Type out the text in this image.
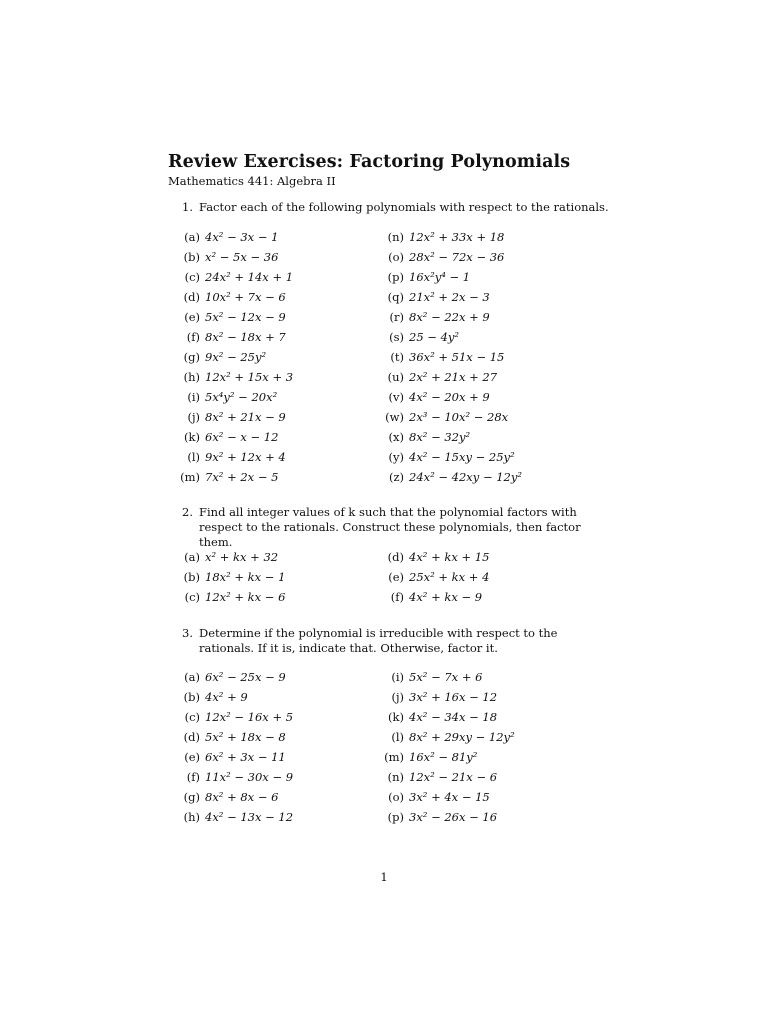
Review Exercises: Factoring Polynomials
Mathematics 441: Algebra II
1. Factor each of the following polynomials with respect to the rationals.
(a) 4x² − 3x − 1
(b) x² − 5x − 36
(c) 24x² + 14x + 1
(d) 10x² + 7x − 6
(e) 5x² − 12x − 9
(f) 8x² − 18x + 7
(g) 9x² − 25y²
(h) 12x² + 15x + 3
(i) 5x⁴y² − 20x²
(j) 8x² + 21x − 9
(k) 6x² − x − 12
(l) 9x² + 12x + 4
(m) 7x² + 2x − 5
(n) 12x² + 33x + 18
(o) 28x² − 72x − 36
(p) 16x²y⁴ − 1
(q) 21x² + 2x − 3
(r) 8x² − 22x + 9
(s) 25 − 4y²
(t) 36x² + 51x − 15
(u) 2x² + 21x + 27
(v) 4x² − 20x + 9
(w) 2x³ − 10x² − 28x
(x) 8x² − 32y²
(y) 4x² − 15xy − 25y²
(z) 24x² − 42xy − 12y²
2. Find all integer values of k such that the polynomial factors with respect to the rationals. Construct these polynomials, then factor them.
(a) x² + kx + 32
(b) 18x² + kx − 1
(c) 12x² + kx − 6
(d) 4x² + kx + 15
(e) 25x² + kx + 4
(f) 4x² + kx − 9
3. Determine if the polynomial is irreducible with respect to the rationals. If it is, indicate that. Otherwise, factor it.
(a) 6x² − 25x − 9
(b) 4x² + 9
(c) 12x² − 16x + 5
(d) 5x² + 18x − 8
(e) 6x² + 3x − 11
(f) 11x² − 30x − 9
(g) 8x² + 8x − 6
(h) 4x² − 13x − 12
(i) 5x² − 7x + 6
(j) 3x² + 16x − 12
(k) 4x² − 34x − 18
(l) 8x² + 29xy − 12y²
(m) 16x² − 81y²
(n) 12x² − 21x − 6
(o) 3x² + 4x − 15
(p) 3x² − 26x − 16
1
